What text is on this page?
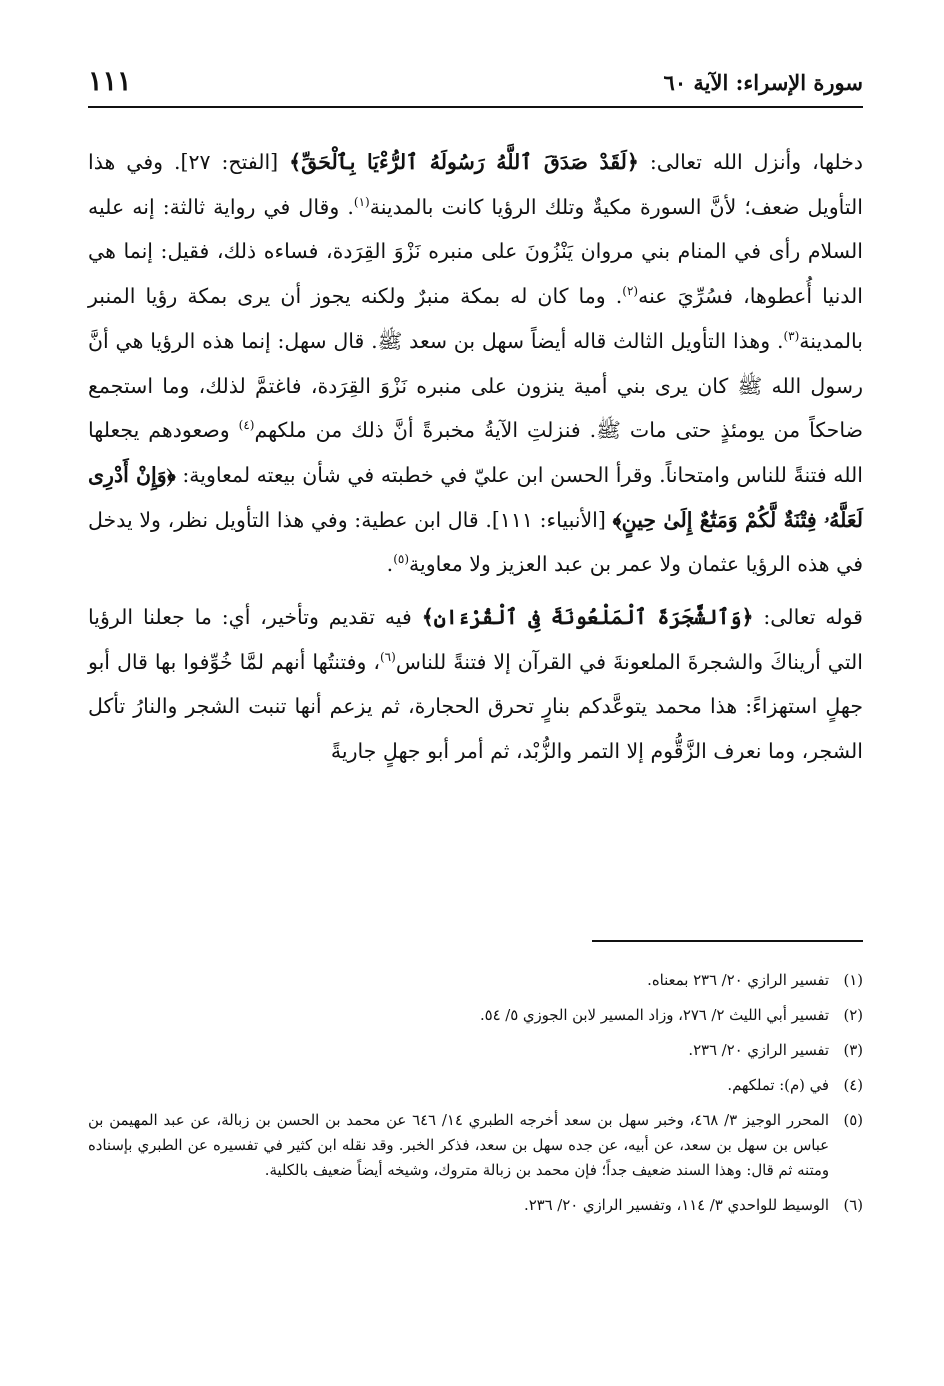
سورة الإسراء: الآية ٦٠
١١١

دخلها، وأنزل الله تعالى: ﴿لَقَدْ صَدَقَ ٱللَّهُ رَسُولَهُ ٱلرُّءْيَا بِٱلْحَقِّ﴾ [الفتح: ٢٧]. وفي هذا التأويل ضعف؛ لأنَّ السورة مكيةٌ وتلك الرؤيا كانت بالمدينة$^{(١)}$. وقال في رواية ثالثة: إنه عليه السلام رأى في المنام بني مروان يَنْزُونَ على منبره نَزْوَ القِرَدة، فساءه ذلك، فقيل: إنما هي الدنيا أُعطوها، فسُرِّيَ عنه$^{(٢)}$. وما كان له بمكة منبرٌ ولكنه يجوز أن يرى بمكة رؤيا المنبر بالمدينة$^{(٣)}$. وهذا التأويل الثالث قاله أيضاً سهل بن سعد ﷺ. قال سهل: إنما هذه الرؤيا هي أنَّ رسول الله ﷺ كان يرى بني أمية ينزون على منبره نَزْوَ القِرَدة، فاغتمَّ لذلك، وما استجمع ضاحكاً من يومئذٍ حتى مات ﷺ. فنزلتِ الآيةُ مخبرةً أنَّ ذلك من ملكهم$^{(٤)}$ وصعودهم يجعلها الله فتنةً للناس وامتحاناً. وقرأ الحسن ابن عليّ في خطبته في شأن بيعته لمعاوية: ﴿وَإِنْ أَدْرِى لَعَلَّهُۥ فِتْنَةٌ لَّكُمْ وَمَتَٰعٌ إِلَىٰ حِينٍ﴾ [الأنبياء: ١١١]. قال ابن عطية: وفي هذا التأويل نظر، ولا يدخل في هذه الرؤيا عثمان ولا عمر بن عبد العزيز ولا معاوية$^{(٥)}$.

قوله تعالى: ﴿وَٱلشَّجَرَةَ ٱلْمَلْعُونَةَ فِى ٱلْقُرْءَانِ﴾ فيه تقديم وتأخير، أي: ما جعلنا الرؤيا التي أريناكَ والشجرةَ الملعونةَ في القرآن إلا فتنةً للناس$^{(٦)}$، وفتنتُها أنهم لمَّا خُوِّفوا بها قال أبو جهلٍ استهزاءً: هذا محمد يتوعَّدكم بنارٍ تحرق الحجارة، ثم يزعم أنها تنبت الشجر والنارُ تأكل الشجر، وما نعرف الزَّقُّوم إلا التمر والزُّبْد، ثم أمر أبو جهلٍ جاريةً

(١)
تفسير الرازي ٢٠/ ٢٣٦ بمعناه.
(٢)
تفسير أبي الليث ٢/ ٢٧٦، وزاد المسير لابن الجوزي ٥/ ٥٤.
(٣)
تفسير الرازي ٢٠/ ٢٣٦.
(٤)
في (م): تملكهم.
(٥)
المحرر الوجيز ٣/ ٤٦٨، وخبر سهل بن سعد أخرجه الطبري ١٤/ ٦٤٦ عن محمد بن الحسن بن زبالة، عن عبد المهيمن بن عباس بن سهل بن سعد، عن أبيه، عن جده سهل بن سعد، فذكر الخبر. وقد نقله ابن كثير في تفسيره عن الطبري بإسناده ومتنه ثم قال: وهذا السند ضعيف جداً؛ فإن محمد بن زبالة متروك، وشيخه أيضاً ضعيف بالكلية.
(٦)
الوسيط للواحدي ٣/ ١١٤، وتفسير الرازي ٢٠/ ٢٣٦.
